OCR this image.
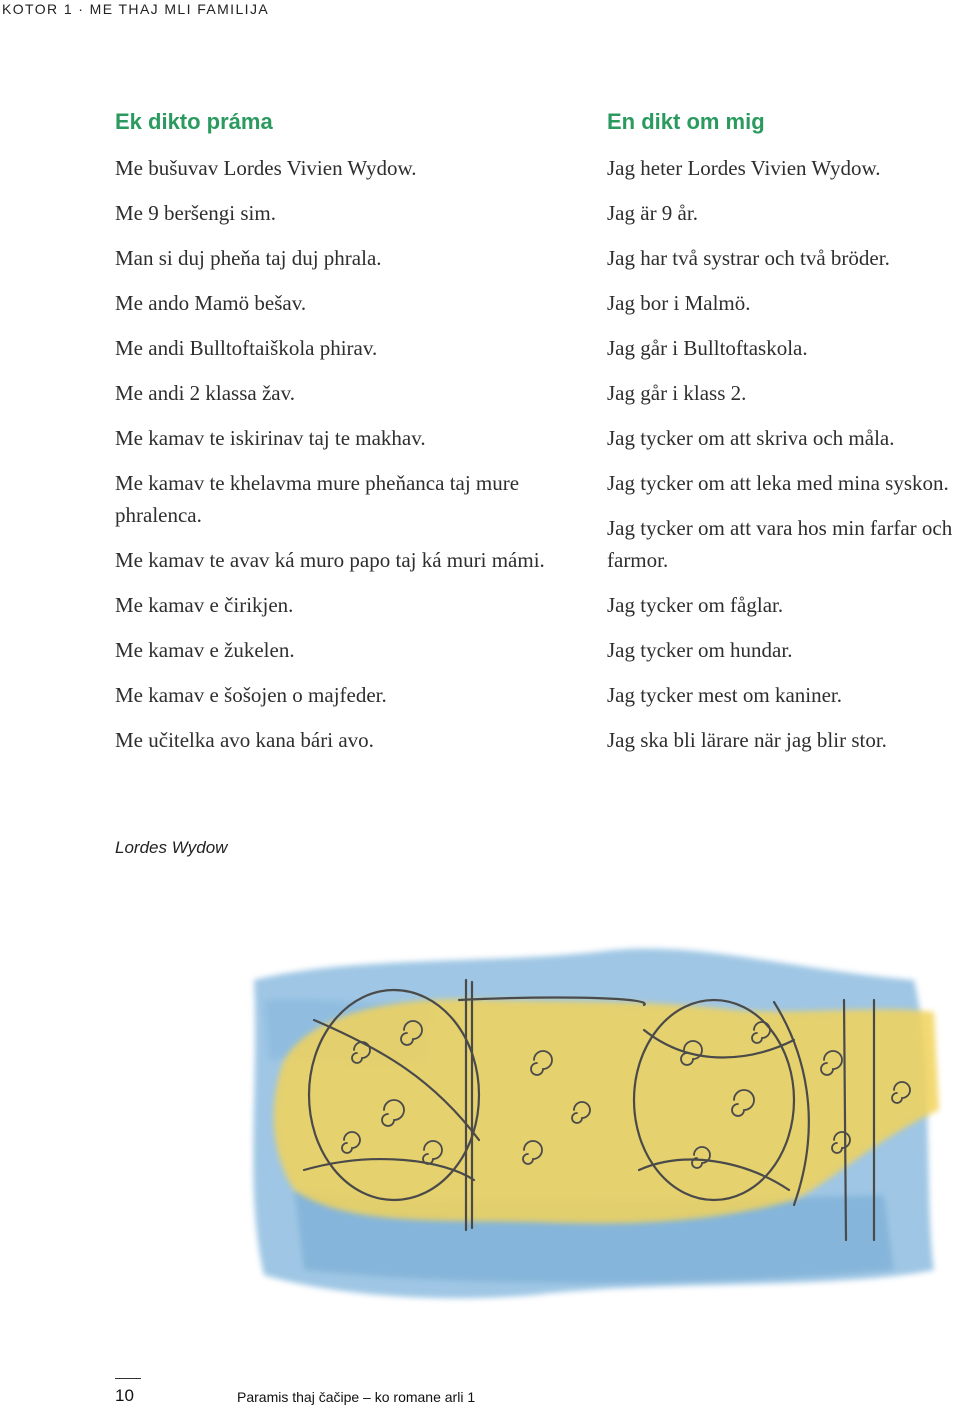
KOTOR 1 · ME THAJ MLI FAMILIJA
Ek dikto práma
Me bušuvav Lordes Vivien Wydow.
Me 9 beršengi sim.
Man si duj pheňa taj duj phrala.
Me ando Mamö bešav.
Me andi Bulltoftaiškola phirav.
Me andi 2 klassa žav.
Me kamav te iskirinav taj te makhav.
Me kamav te khelavma mure pheňanca taj mure phralenca.
Me kamav te avav ká muro papo taj ká muri mámi.
Me kamav e čirikjen.
Me kamav e žukelen.
Me kamav e šošojen o majfeder.
Me učitelka avo kana bári avo.
En dikt om mig
Jag heter Lordes Vivien Wydow.
Jag är 9 år.
Jag har två systrar och två bröder.
Jag bor i Malmö.
Jag går i Bulltoftaskola.
Jag går i klass 2.
Jag tycker om att skriva och måla.
Jag tycker om att leka med mina syskon.
Jag tycker om att vara hos min farfar och farmor.
Jag tycker om fåglar.
Jag tycker om hundar.
Jag tycker mest om kaniner.
Jag ska bli lärare när jag blir stor.
Lordes Wydow
10	Paramis thaj čačipe – ko romane arli 1
